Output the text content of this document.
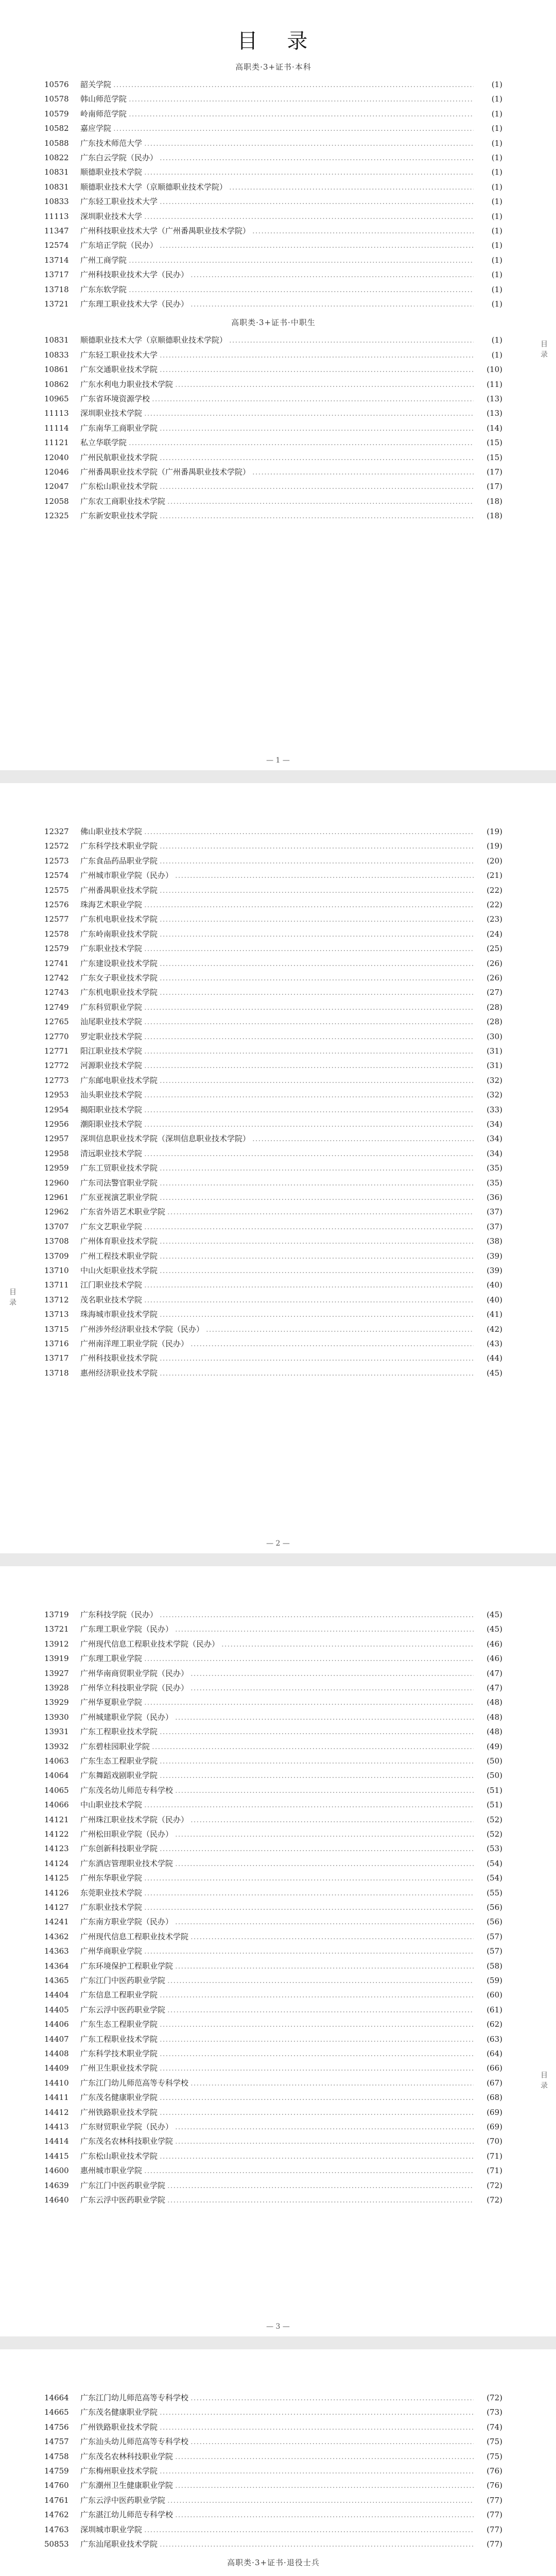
目 录
高职类·3+证书·本科
10576	韶关学院 .....	(1)
10578	韩山师范学院 .....	(1)
10579	岭南师范学院 .....	(1)
10582	嘉应学院 .....	(1)
10588	广东技术师范大学 .....	(1)
10822	广东白云学院（民办） .....	(1)
10831	顺德职业技术学院 .....	(1)
10831	顺德职业技术大学（京顺德职业技术学院） .....	(1)
10833	广东轻工职业技术大学 .....	(1)
11113	深圳职业技术大学 .....	(1)
11347	广州科技职业技术大学（广州番禺职业技术学院） .....	(1)
12574	广东培正学院（民办） .....	(1)
13714	广州工商学院 .....	(1)
13717	广州科技职业技术大学（民办） .....	(1)
13718	广东东软学院 .....	(1)
13721	广东理工职业技术大学（民办） .....	(1)
高职类·3+证书·中职生
10831	顺德职业技术大学（京顺德职业技术学院） .....	(1)
10833	广东轻工职业技术大学 .....	(1)
10861	广东交通职业技术学院 .....	(10)
10862	广东水利电力职业技术学院 .....	(11)
10965	广东省环境资源学校 .....	(13)
11113	深圳职业技术学院 .....	(13)
11114	广东南华工商职业学院 .....	(14)
11121	私立华联学院 .....	(15)
12040	广州民航职业技术学院 .....	(15)
12046	广州番禺职业技术学院（广州番禺职业技术学院） .....	(17)
12047	广东松山职业技术学院 .....	(17)
12058	广东农工商职业技术学院 .....	(18)
12325	广东新安职业技术学院 .....	(18)
— 1 —
目录
12327	佛山职业技术学院 .....	(19)
12572	广东科学技术职业学院 .....	(19)
12573	广东食品药品职业学院 .....	(20)
12574	广州城市职业学院（民办） .....	(21)
12575	广州番禺职业技术学院 .....	(22)
12576	珠海艺术职业学院 .....	(22)
12577	广东机电职业技术学院 .....	(23)
12578	广东岭南职业技术学院 .....	(24)
12579	广东职业技术学院 .....	(25)
12741	广东建设职业技术学院 .....	(26)
12742	广东女子职业技术学院 .....	(26)
12743	广东机电职业技术学院 .....	(27)
12749	广东科贸职业学院 .....	(28)
12765	汕尾职业技术学院 .....	(28)
12770	罗定职业技术学院 .....	(30)
12771	阳江职业技术学院 .....	(31)
12772	河源职业技术学院 .....	(31)
12773	广东邮电职业技术学院 .....	(32)
12953	汕头职业技术学院 .....	(32)
12954	揭阳职业技术学院 .....	(33)
12956	潮阳职业技术学院 .....	(34)
12957	深圳信息职业技术学院（深圳信息职业技术学院） .....	(34)
12958	清远职业技术学院 .....	(34)
12959	广东工贸职业技术学院 .....	(35)
12960	广东司法警官职业学院 .....	(35)
12961	广东亚视演艺职业学院 .....	(36)
12962	广东省外语艺术职业学院 .....	(37)
13707	广东文艺职业学院 .....	(37)
13708	广州体育职业技术学院 .....	(38)
13709	广州工程技术职业学院 .....	(39)
13710	中山火炬职业技术学院 .....	(39)
13711	江门职业技术学院 .....	(40)
13712	茂名职业技术学院 .....	(40)
13713	珠海城市职业技术学院 .....	(41)
13715	广州涉外经济职业技术学院（民办） .....	(42)
13716	广州南洋理工职业学院（民办） .....	(43)
13717	广州科技职业技术学院 .....	(44)
13718	惠州经济职业技术学院 .....	(45)
— 2 —
目录
13719	广东科技学院（民办） .....	(45)
13721	广东理工职业学院（民办） .....	(45)
13912	广州现代信息工程职业技术学院（民办） .....	(46)
13919	广东理工职业学院 .....	(46)
13927	广州华南商贸职业学院（民办） .....	(47)
13928	广州华立科技职业学院（民办） .....	(47)
13929	广州华夏职业学院 .....	(48)
13930	广州城建职业学院（民办） .....	(48)
13931	广东工程职业技术学院 .....	(48)
13932	广东碧桂园职业学院 .....	(49)
14063	广东生态工程职业学院 .....	(50)
14064	广东舞蹈戏剧职业学院 .....	(50)
14065	广东茂名幼儿师范专科学校 .....	(51)
14066	中山职业技术学院 .....	(51)
14121	广州珠江职业技术学院（民办） .....	(52)
14122	广州松田职业学院（民办） .....	(52)
14123	广东创新科技职业学院 .....	(53)
14124	广东酒店管理职业技术学院 .....	(54)
14125	广州东华职业学院 .....	(54)
14126	东莞职业技术学院 .....	(55)
14127	广东职业技术学院 .....	(56)
14241	广东南方职业学院（民办） .....	(56)
14362	广州现代信息工程职业技术学院 .....	(57)
14363	广州华商职业学院 .....	(57)
14364	广东环境保护工程职业学院 .....	(58)
14365	广东江门中医药职业学院 .....	(59)
14404	广东信息工程职业学院 .....	(60)
14405	广东云浮中医药职业学院 .....	(61)
14406	广东生态工程职业学院 .....	(62)
14407	广东工程职业技术学院 .....	(63)
14408	广东科学技术职业学院 .....	(64)
14409	广州卫生职业技术学院 .....	(66)
14410	广东江门幼儿师范高等专科学校 .....	(67)
14411	广东茂名健康职业学院 .....	(68)
14412	广州铁路职业技术学院 .....	(69)
14413	广东财贸职业学院（民办） .....	(69)
14414	广东茂名农林科技职业学院 .....	(70)
14415	广东松山职业技术学院 .....	(71)
14600	惠州城市职业学院 .....	(71)
14639	广东江门中医药职业学院 .....	(72)
14640	广东云浮中医药职业学院 .....	(72)
— 3 —
目录
14664	广东江门幼儿师范高等专科学校 .....	(72)
14665	广东茂名健康职业学院 .....	(73)
14756	广州铁路职业技术学院 .....	(74)
14757	广东汕头幼儿师范高等专科学校 .....	(75)
14758	广东茂名农林科技职业学院 .....	(75)
14759	广东梅州职业技术学院 .....	(76)
14760	广东潮州卫生健康职业学院 .....	(76)
14761	广东云浮中医药职业学院 .....	(77)
14762	广东湛江幼儿师范专科学校 .....	(77)
14763	深圳城市职业学院 .....	(77)
50853	广东汕尾职业技术学院 .....	(77)
高职类·3+证书·退役士兵
.....
